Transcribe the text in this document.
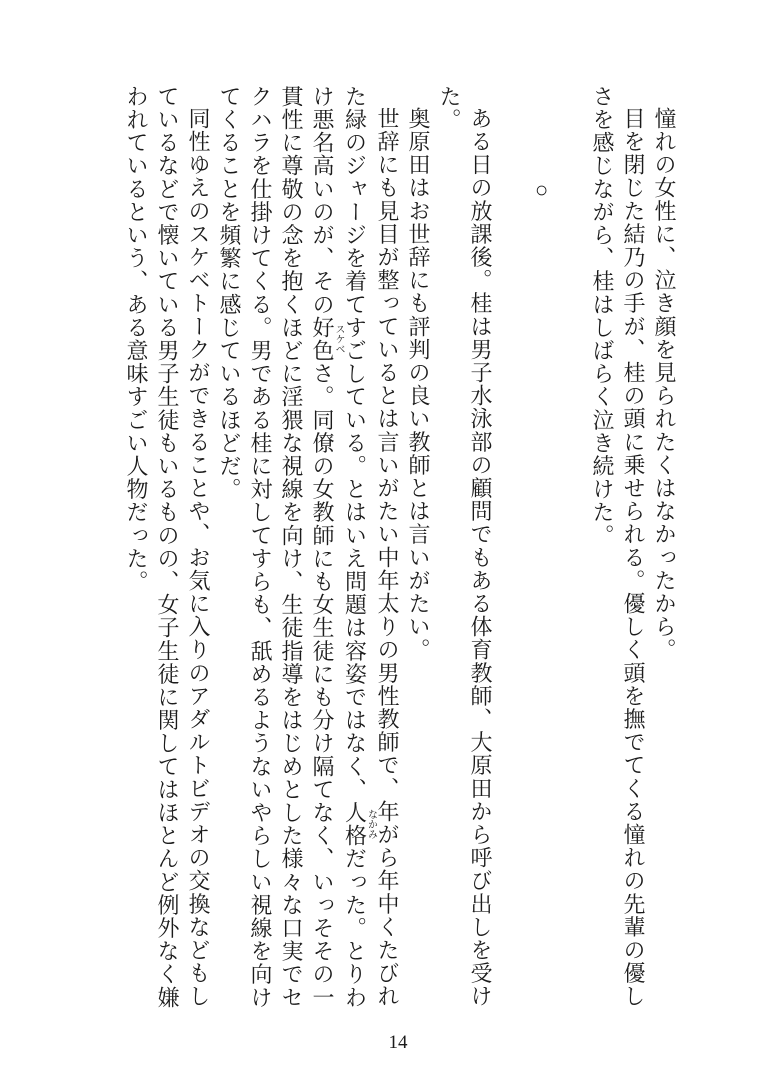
憧れの女性に、泣き顔を見られたくはなかったから。

目を閉じた結乃の手が、桂の頭に乗せられる。優しく頭を撫でてくる憧れの先輩の優しさを感じながら、桂はしばらく泣き続けた。

○

ある日の放課後。桂は男子水泳部の顧問でもある体育教師、大原田から呼び出しを受けた。

奥原田はお世辞にも評判の良い教師とは言いがたい。

世辞にも見目が整っているとは言いがたい中年太りの男性教師で、年がら年中くたびれた緑のジャージを着てすごしている。とはいえ問題は容姿ではなく、人格なかみだった。とりわけ悪名高いのが、その好色スケベさ。同僚の女教師にも女生徒にも分け隔てなく、いっそその一貫性に尊敬の念を抱くほどに淫猥な視線を向け、生徒指導をはじめとした様々な口実でセクハラを仕掛けてくる。男である桂に対してすらも、舐めるようないやらしい視線を向けてくることを頻繁に感じているほどだ。

同性ゆえのスケベトークができることや、お気に入りのアダルトビデオの交換などもしているなどで懐いている男子生徒もいるものの、女子生徒に関してはほとんど例外なく嫌われているという、ある意味すごい人物だった。

14
